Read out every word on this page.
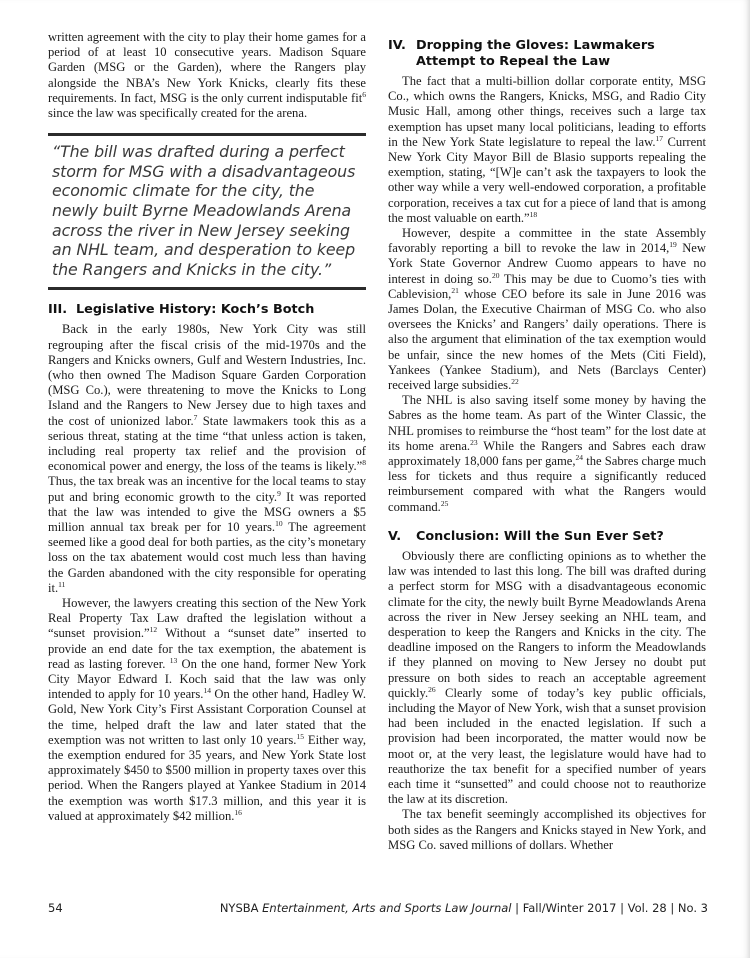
written agreement with the city to play their home games for a period of at least 10 consecutive years. Madison Square Garden (MSG or the Garden), where the Rangers play alongside the NBA’s New York Knicks, clearly fits these requirements. In fact, MSG is the only current indisputable fit$^6$ since the law was specifically created for the arena.

“The bill was drafted during a perfect storm for MSG with a disadvantageous economic climate for the city, the newly built Byrne Meadowlands Arena across the river in New Jersey seeking an NHL team, and desperation to keep the Rangers and Knicks in the city.”
III. Legislative History: Koch’s Botch

Back in the early 1980s, New York City was still regrouping after the fiscal crisis of the mid-1970s and the Rangers and Knicks owners, Gulf and Western Industries, Inc. (who then owned The Madison Square Garden Corporation (MSG Co.), were threatening to move the Knicks to Long Island and the Rangers to New Jersey due to high taxes and the cost of unionized labor.$^7$ State lawmakers took this as a serious threat, stating at the time “that unless action is taken, including real property tax relief and the provision of economical power and energy, the loss of the teams is likely.”$^8$ Thus, the tax break was an incentive for the local teams to stay put and bring economic growth to the city.$^9$ It was reported that the law was intended to give the MSG owners a $5 million annual tax break per for 10 years.$^{10}$ The agreement seemed like a good deal for both parties, as the city’s monetary loss on the tax abatement would cost much less than having the Garden abandoned with the city responsible for operating it.$^{11}$

However, the lawyers creating this section of the New York Real Property Tax Law drafted the legislation without a “sunset provision.”$^{12}$ Without a “sunset date” inserted to provide an end date for the tax exemption, the abatement is read as lasting forever. $^{13}$ On the one hand, former New York City Mayor Edward I. Koch said that the law was only intended to apply for 10 years.$^{14}$ On the other hand, Hadley W. Gold, New York City’s First Assistant Corporation Counsel at the time, helped draft the law and later stated that the exemption was not written to last only 10 years.$^{15}$ Either way, the exemption endured for 35 years, and New York State lost approximately $450 to $500 million in property taxes over this period. When the Rangers played at Yankee Stadium in 2014 the exemption was worth $17.3 million, and this year it is valued at approximately $42 million.$^{16}$

IV. Dropping the Gloves: Lawmakers Attempt to Repeal the Law

The fact that a multi-billion dollar corporate entity, MSG Co., which owns the Rangers, Knicks, MSG, and Radio City Music Hall, among other things, receives such a large tax exemption has upset many local politicians, leading to efforts in the New York State legislature to repeal the law.$^{17}$ Current New York City Mayor Bill de Blasio supports repealing the exemption, stating, “[W]e can’t ask the taxpayers to look the other way while a very well-endowed corporation, a profitable corporation, receives a tax cut for a piece of land that is among the most valuable on earth.”$^{18}$

However, despite a committee in the state Assembly favorably reporting a bill to revoke the law in 2014,19 New York State Governor Andrew Cuomo appears to have no interest in doing so.$^{20}$ This may be due to Cuomo’s ties with Cablevision,$^{21}$ whose CEO before its sale in June 2016 was James Dolan, the Executive Chairman of MSG Co. who also oversees the Knicks’ and Rangers’ daily operations. There is also the argument that elimination of the tax exemption would be unfair, since the new homes of the Mets (Citi Field), Yankees (Yankee Stadium), and Nets (Barclays Center) received large subsidies.$^{22}$

The NHL is also saving itself some money by having the Sabres as the home team. As part of the Winter Classic, the NHL promises to reimburse the “host team” for the lost date at its home arena.$^{23}$ While the Rangers and Sabres each draw approximately 18,000 fans per game,$^{24}$ the Sabres charge much less for tickets and thus require a significantly reduced reimbursement compared with what the Rangers would command.$^{25}$

V.	Conclusion: Will the Sun Ever Set?

Obviously there are conflicting opinions as to whether the law was intended to last this long. The bill was drafted during a perfect storm for MSG with a disadvantageous economic climate for the city, the newly built Byrne Meadowlands Arena across the river in New Jersey seeking an NHL team, and desperation to keep the Rangers and Knicks in the city. The deadline imposed on the Rangers to inform the Meadowlands if they planned on moving to New Jersey no doubt put pressure on both sides to reach an acceptable agreement quickly.$^{26}$ Clearly some of today’s key public officials, including the Mayor of New York, wish that a sunset provision had been included in the enacted legislation. If such a provision had been incorporated, the matter would now be moot or, at the very least, the legislature would have had to reauthorize the tax benefit for a specified number of years each time it “sunsetted” and could choose not to reauthorize the law at its discretion.

The tax benefit seemingly accomplished its objectives for both sides as the Rangers and Knicks stayed in New York, and MSG Co. saved millions of dollars. Whether

54	NYSBA Entertainment, Arts and Sports Law Journal | Fall/Winter 2017 | Vol. 28 | No. 3
